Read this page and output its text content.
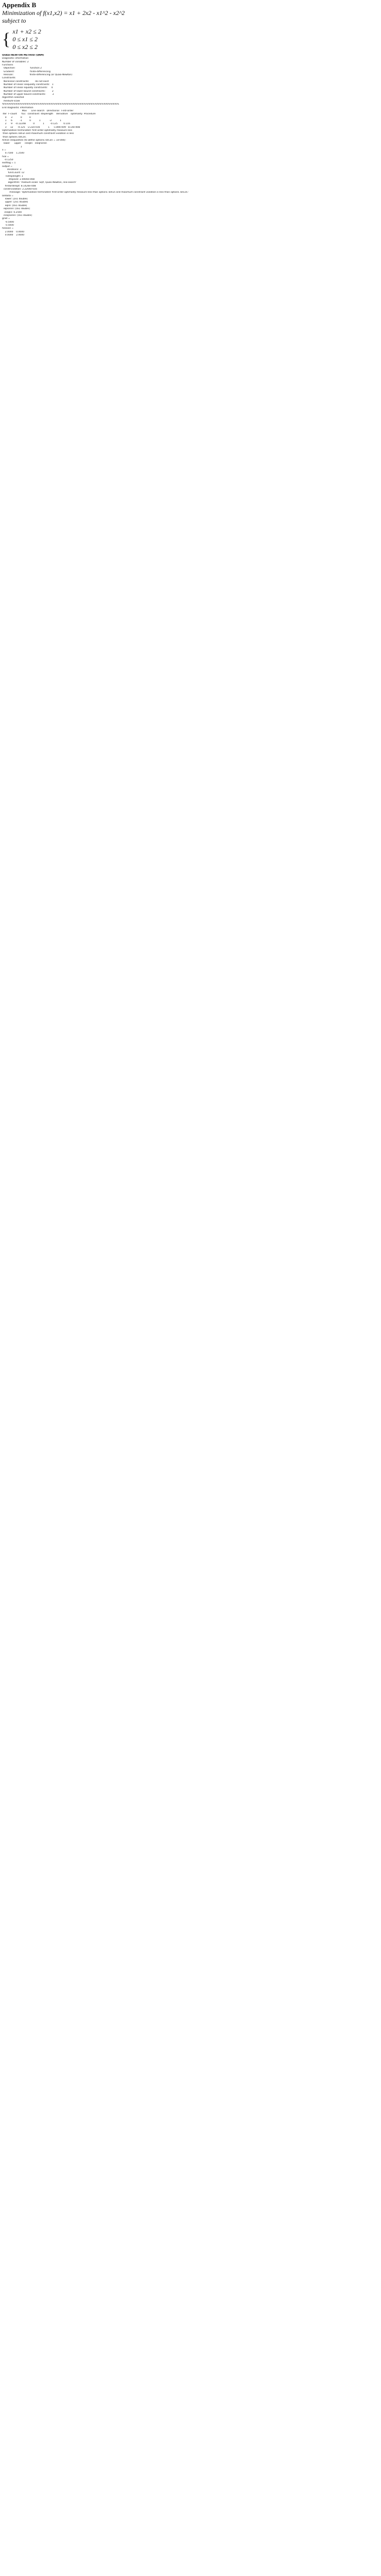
Appendix B
Minimization of f(x1,x2) = x1 + 2x2 - x1^2 - x2^2
subject to
{ x1 + x2 ≤ 2
0 ≤ x1 ≤ 2
0 ≤ x2 ≤ 2
QUASI-NEWTON METHOD (QNM)
Diagnostic information
Number of variables: 2
Functions
Objective:                    function 2
Gradient:                     finite-differencing
Hessian:                      finite-differencing (or Quasi-Newton)
Constraints
Nonlinear constraints:        do not exist
Number of linear inequality constraints:   1
Number of linear equality constraints:     0
Number of lower bound constraints:         2
Number of upper bound constraints:         2
Algorithm selected
medium-scale
%%%%%%%%%%%%%%%%%%%%%%%%%%%%%%%%%%%%%%%%%%%%%%%%%%%%%
End diagnostic information
Max      Line search   Directional   First-order
Iter  F-count      f(x)   constraint  steplength    derivative    optimality  Procedure
0      3           0          0
1      6          -1          0           1            -2           1
2      9    -0.12248          0           1        -0.125        0.116
3     12      -0.125   -2.22e-016           1     -1.89e-009   8.14e-008
Optimization terminated: first-order optimality measure less
than options.TolFun and maximum constraint violation is less
than options.TolCon.
Active inequalities (to within options.TolCon = 1e-006):
lower      upper     ineqlin   ineqnonlin
1
x =
0.7500    1.2500
fval =
-0.1250
exitflag = 1
output =
iterations: 3
funcCount: 12
lssteplength: 1
stepsize: 2.0000e-008
algorithm: 'medium-scale: SQP, Quasi-Newton, line-search'
firstorderopt: 8.1426e-008
constrviolation: 2.2204e-016
message: 'Optimization terminated: first-order optimality measure less than options.TolFun and maximum constraint violation is less than options.TolCon.'
lambda =
lower: [2x1 double]
upper: [2x1 double]
eqlin: [0x1 double]
eqnonlin: [0x1 double]
ineqlin: 0.2500
ineqnonlin: [0x1 double]
grad =
-0.5000
0.5000
hessian =
2.0000    0.0000
0.0000    2.0000
